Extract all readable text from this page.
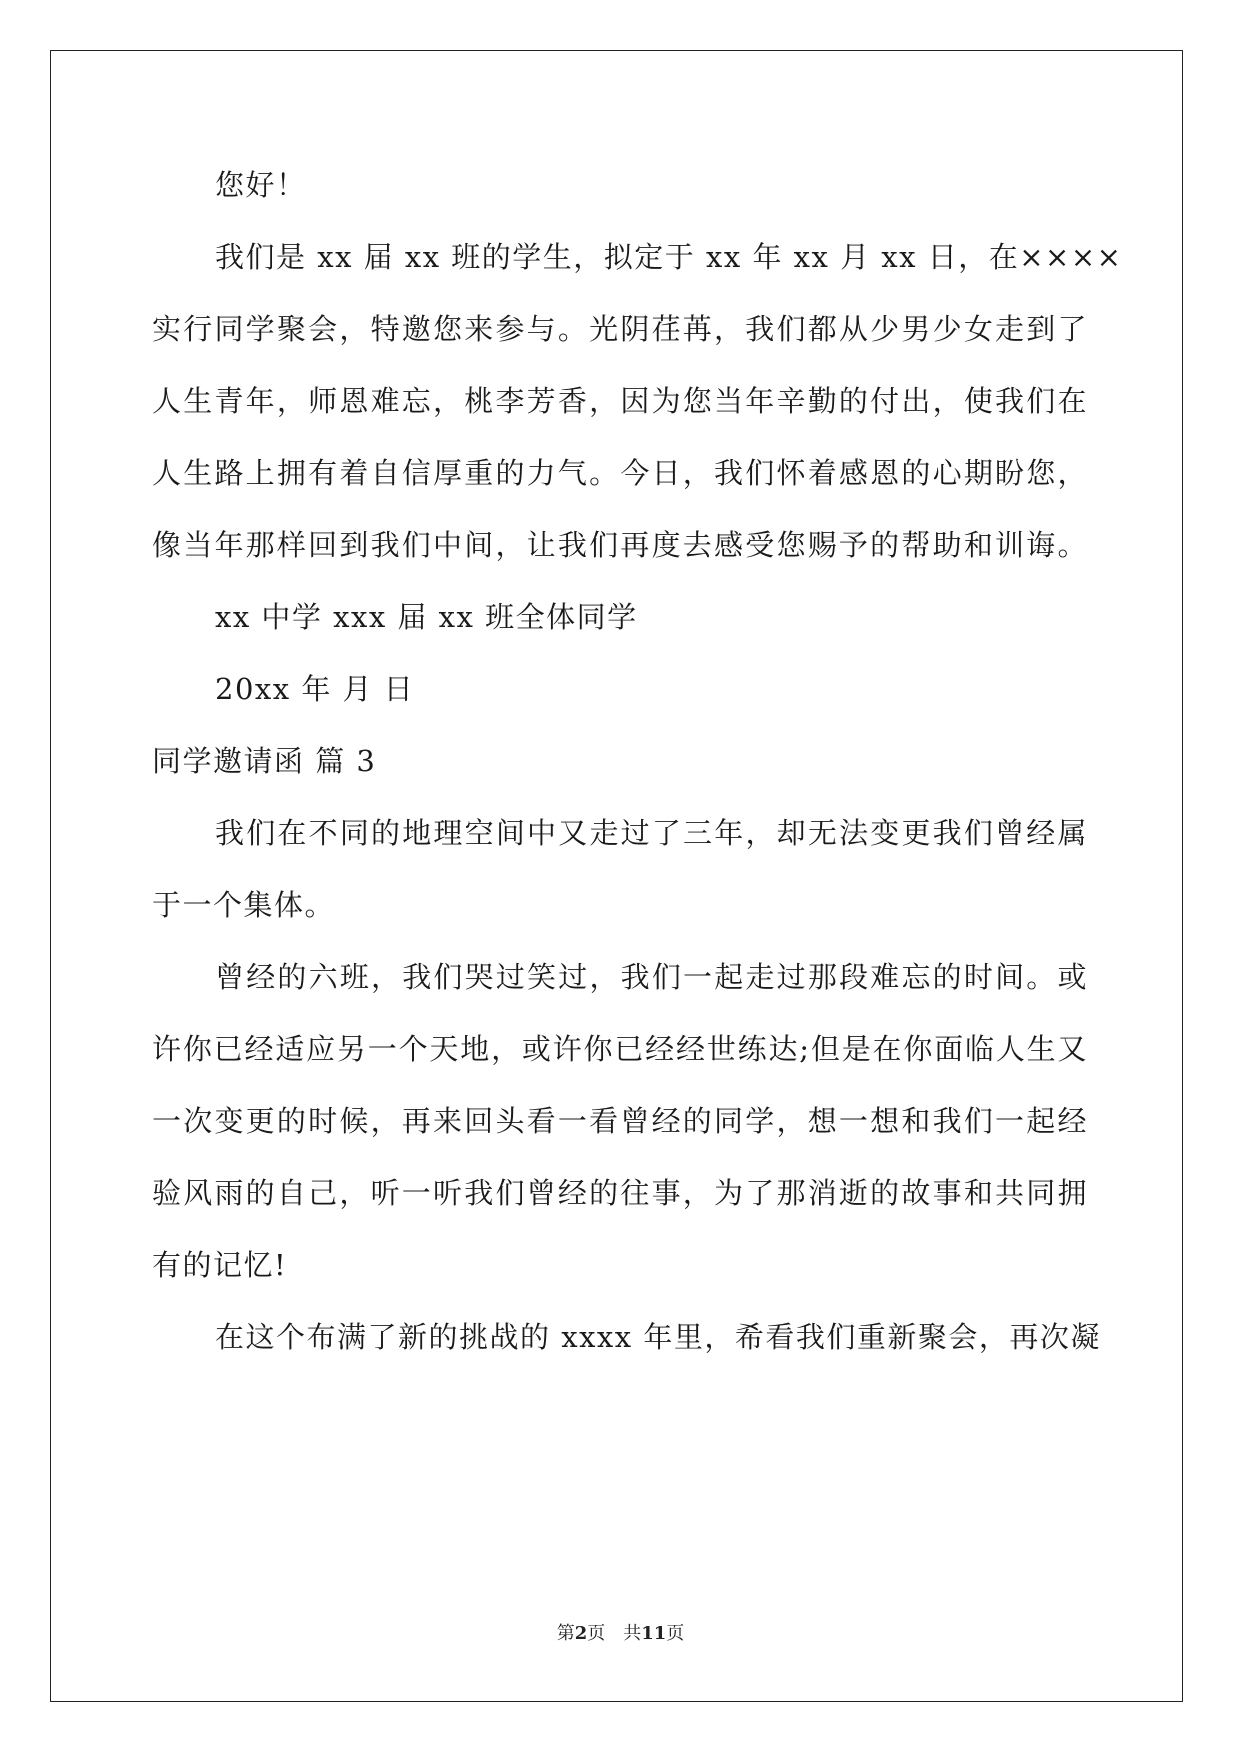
您好！
我们是 xx 届 xx 班的学生，拟定于 xx 年 xx 月 xx 日，在××××
实行同学聚会，特邀您来参与。光阴荏苒，我们都从少男少女走到了
人生青年，师恩难忘，桃李芳香，因为您当年辛勤的付出，使我们在
人生路上拥有着自信厚重的力气。今日，我们怀着感恩的心期盼您，
像当年那样回到我们中间，让我们再度去感受您赐予的帮助和训诲。
xx 中学 xxx 届 xx 班全体同学
20xx 年 月 日
同学邀请函 篇 3
我们在不同的地理空间中又走过了三年，却无法变更我们曾经属
于一个集体。
曾经的六班，我们哭过笑过，我们一起走过那段难忘的时间。或
许你已经适应另一个天地，或许你已经经世练达;但是在你面临人生又
一次变更的时候，再来回头看一看曾经的同学，想一想和我们一起经
验风雨的自己，听一听我们曾经的往事，为了那消逝的故事和共同拥
有的记忆!
在这个布满了新的挑战的 xxxx 年里，希看我们重新聚会，再次凝
第2页 共11页
